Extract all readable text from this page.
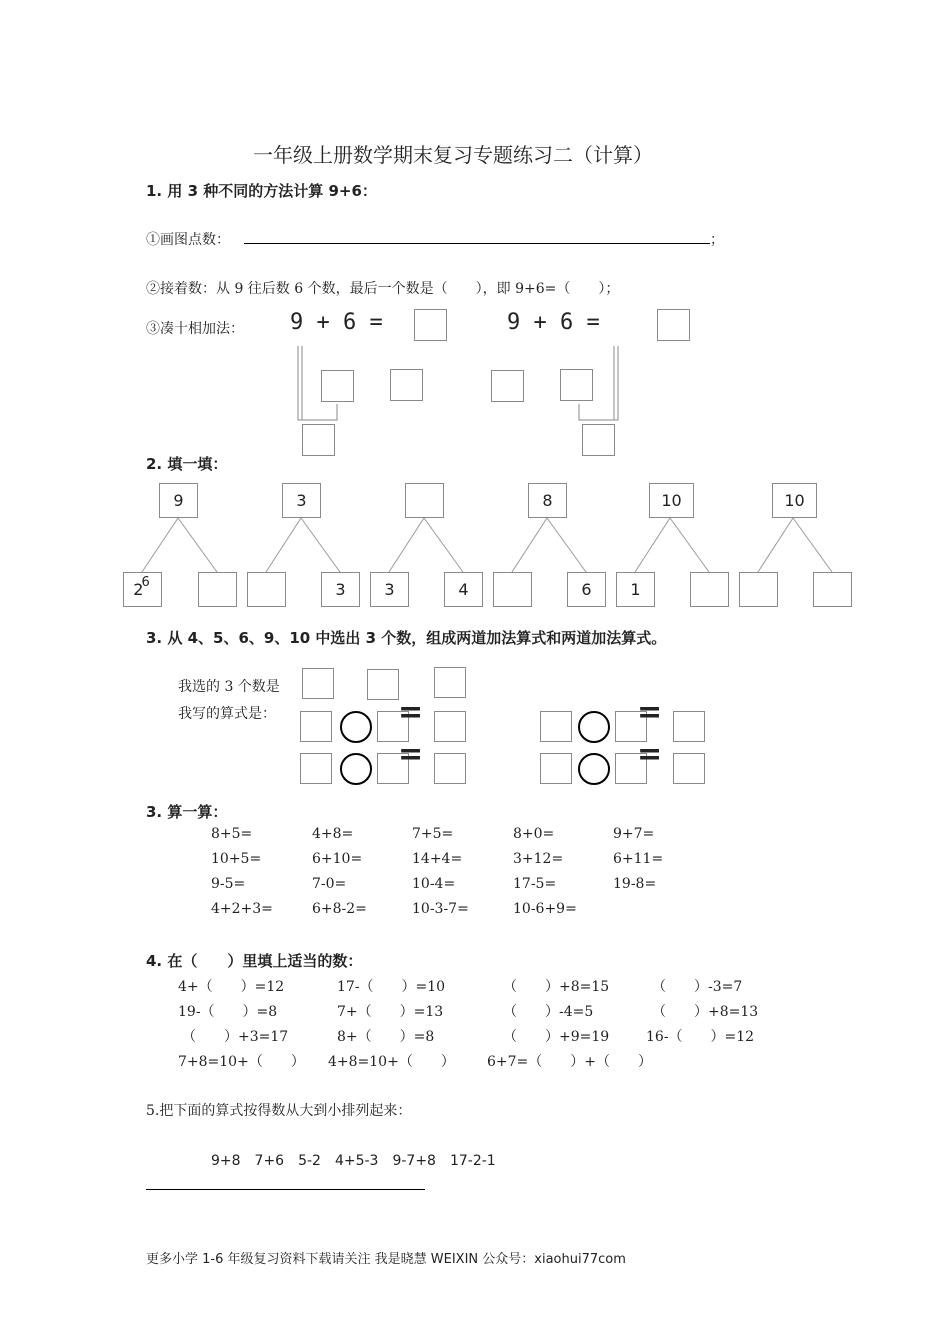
一年级上册数学期末复习专题练习二（计算）
1. 用 3 种不同的方法计算 9+6：
①画图点数：	；
②接着数：从 9 往后数 6 个数，最后一个数是（　　），即 9+6=（　　）；
③凑十相加法： 9 + 6 =	9 + 6 =
2. 填一填：
9
2
6
3
3 3	4
8
6
10
1
10
3. 从 4、5、6、9、10 中选出 3 个数，组成两道加法算式和两道加法算式。
我选的 3 个数是
我写的算式是：	=
=
=
=
3. 算一算：
8+5=	4+8=	7+5=	8+0=	9+7=
10+5=	6+10=	14+4=	3+12=	6+11=
9-5=	7-0=	10-4=	17-5=	19-8=
4+2+3=	6+8-2=	10-3-7=	10-6+9=
4. 在（　　）里填上适当的数：
4+（　　）=12	17-（　　）=10	（　　）+8=15	（　　）-3=7
19-（　　）=8	7+（　　）=13	（　　）-4=5	（　　）+8=13
（　　）+3=17	8+（　　）=8	（　　）+9=19	16-（　　）=12
7+8=10+（　　） 4+8=10+（　　） 6+7=（　　）+（　　）
5.把下面的算式按得数从大到小排列起来：
9+8　7+6　5-2　4+5-3　9-7+8　17-2-1
更多小学 1-6 年级复习资料下载请关注 我是晓慧 WEIXIN 公众号：xiaohui77com
